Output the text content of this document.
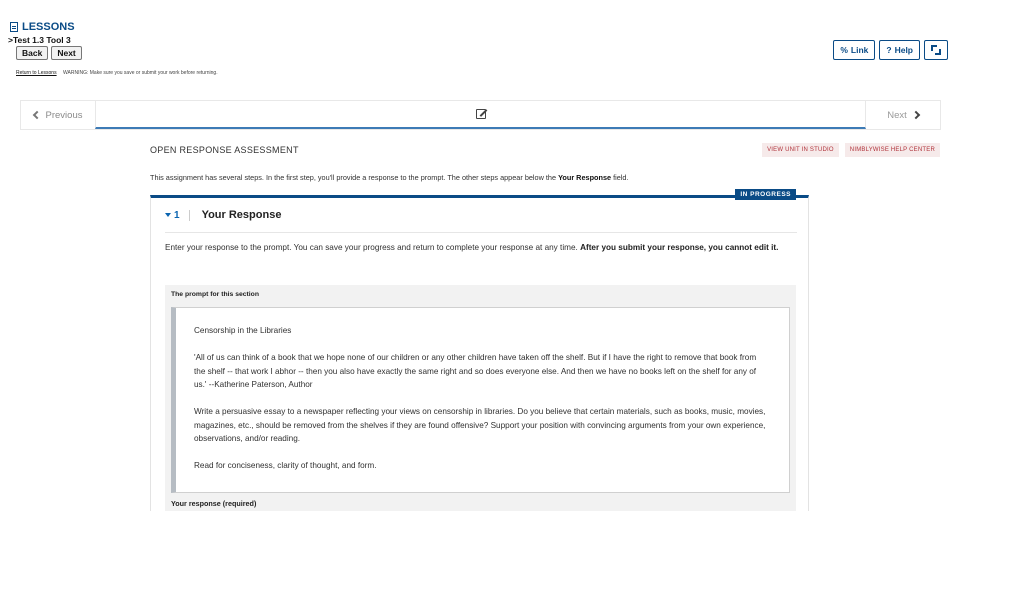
LESSONS
>Test 1.3 Tool 3
Back	Next
Return to Lessons WARNING: Make sure you save or submit your work before returning.
% Link ? Help
Previous	Next
OPEN RESPONSE ASSESSMENT	VIEW UNIT IN STUDIO	NIMBLYWISE HELP CENTER
This assignment has several steps. In the first step, you'll provide a response to the prompt. The other steps appear below the Your Response field.
IN PROGRESS
1	Your Response
Enter your response to the prompt. You can save your progress and return to complete your response at any time. After you submit your response, you cannot edit it.
The prompt for this section

Censorship in the Libraries

'All of us can think of a book that we hope none of our children or any other children have taken off the shelf. But if I have the right to remove that book from the shelf -- that work I abhor -- then you also have exactly the same right and so does everyone else. And then we have no books left on the shelf for any of us.' --Katherine Paterson, Author

Write a persuasive essay to a newspaper reflecting your views on censorship in libraries. Do you believe that certain materials, such as books, music, movies, magazines, etc., should be removed from the shelves if they are found offensive? Support your position with convincing arguments from your own experience, observations, and/or reading.

Read for conciseness, clarity of thought, and form.

Your response (required)
